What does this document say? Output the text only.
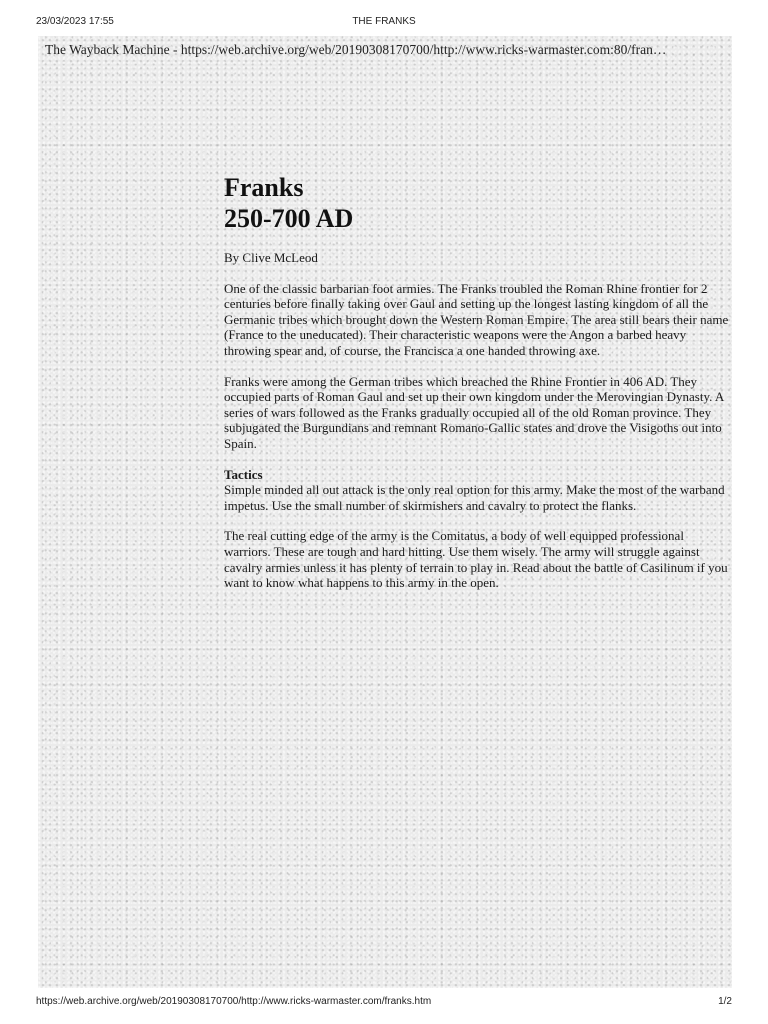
23/03/2023 17:55	THE FRANKS
The Wayback Machine - https://web.archive.org/web/20190308170700/http://www.ricks-warmaster.com:80/fran…
Franks
250-700 AD

By Clive McLeod

One of the classic barbarian foot armies. The Franks troubled the Roman Rhine frontier for 2 centuries before finally taking over Gaul and setting up the longest lasting kingdom of all the Germanic tribes which brought down the Western Roman Empire. The area still bears their name (France to the uneducated). Their characteristic weapons were the Angon a barbed heavy throwing spear and, of course, the Francisca a one handed throwing axe.

Franks were among the German tribes which breached the Rhine Frontier in 406 AD. They occupied parts of Roman Gaul and set up their own kingdom under the Merovingian Dynasty. A series of wars followed as the Franks gradually occupied all of the old Roman province. They subjugated the Burgundians and remnant Romano-Gallic states and drove the Visigoths out into Spain.

Tactics
Simple minded all out attack is the only real option for this army. Make the most of the warband impetus. Use the small number of skirmishers and cavalry to protect the flanks.

The real cutting edge of the army is the Comitatus, a body of well equipped professional warriors. These are tough and hard hitting. Use them wisely. The army will struggle against cavalry armies unless it has plenty of terrain to play in. Read about the battle of Casilinum if you want to know what happens to this army in the open.

https://web.archive.org/web/20190308170700/http://www.ricks-warmaster.com/franks.htm	1/2
